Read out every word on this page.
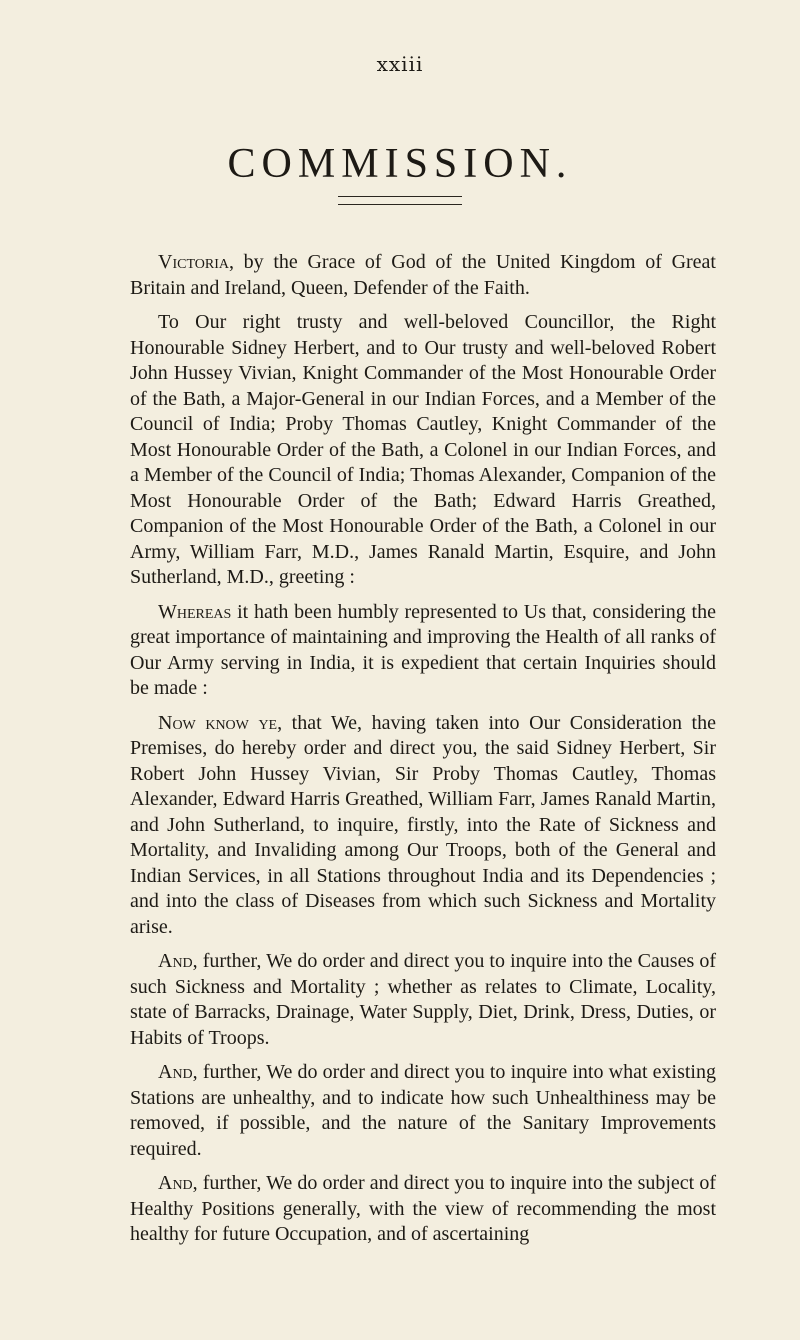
xxiii
COMMISSION.

Victoria, by the Grace of God of the United Kingdom of Great Britain and Ireland, Queen, Defender of the Faith.

To Our right trusty and well-beloved Councillor, the Right Honourable Sidney Herbert, and to Our trusty and well-beloved Robert John Hussey Vivian, Knight Commander of the Most Honourable Order of the Bath, a Major-General in our Indian Forces, and a Member of the Council of India; Proby Thomas Cautley, Knight Commander of the Most Honourable Order of the Bath, a Colonel in our Indian Forces, and a Member of the Council of India; Thomas Alexander, Companion of the Most Honourable Order of the Bath; Edward Harris Greathed, Companion of the Most Honourable Order of the Bath, a Colonel in our Army, William Farr, M.D., James Ranald Martin, Esquire, and John Sutherland, M.D., greeting :

Whereas it hath been humbly represented to Us that, considering the great importance of maintaining and improving the Health of all ranks of Our Army serving in India, it is expedient that certain Inquiries should be made :

Now know ye, that We, having taken into Our Consideration the Premises, do hereby order and direct you, the said Sidney Herbert, Sir Robert John Hussey Vivian, Sir Proby Thomas Cautley, Thomas Alexander, Edward Harris Greathed, William Farr, James Ranald Martin, and John Sutherland, to inquire, firstly, into the Rate of Sickness and Mortality, and Invaliding among Our Troops, both of the General and Indian Services, in all Stations throughout India and its Dependencies ; and into the class of Diseases from which such Sickness and Mortality arise.

And, further, We do order and direct you to inquire into the Causes of such Sickness and Mortality ; whether as relates to Climate, Locality, state of Barracks, Drainage, Water Supply, Diet, Drink, Dress, Duties, or Habits of Troops.

And, further, We do order and direct you to inquire into what existing Stations are unhealthy, and to indicate how such Unhealthiness may be removed, if possible, and the nature of the Sanitary Improvements required.

And, further, We do order and direct you to inquire into the subject of Healthy Positions generally, with the view of recommending the most healthy for future Occupation, and of ascertaining
